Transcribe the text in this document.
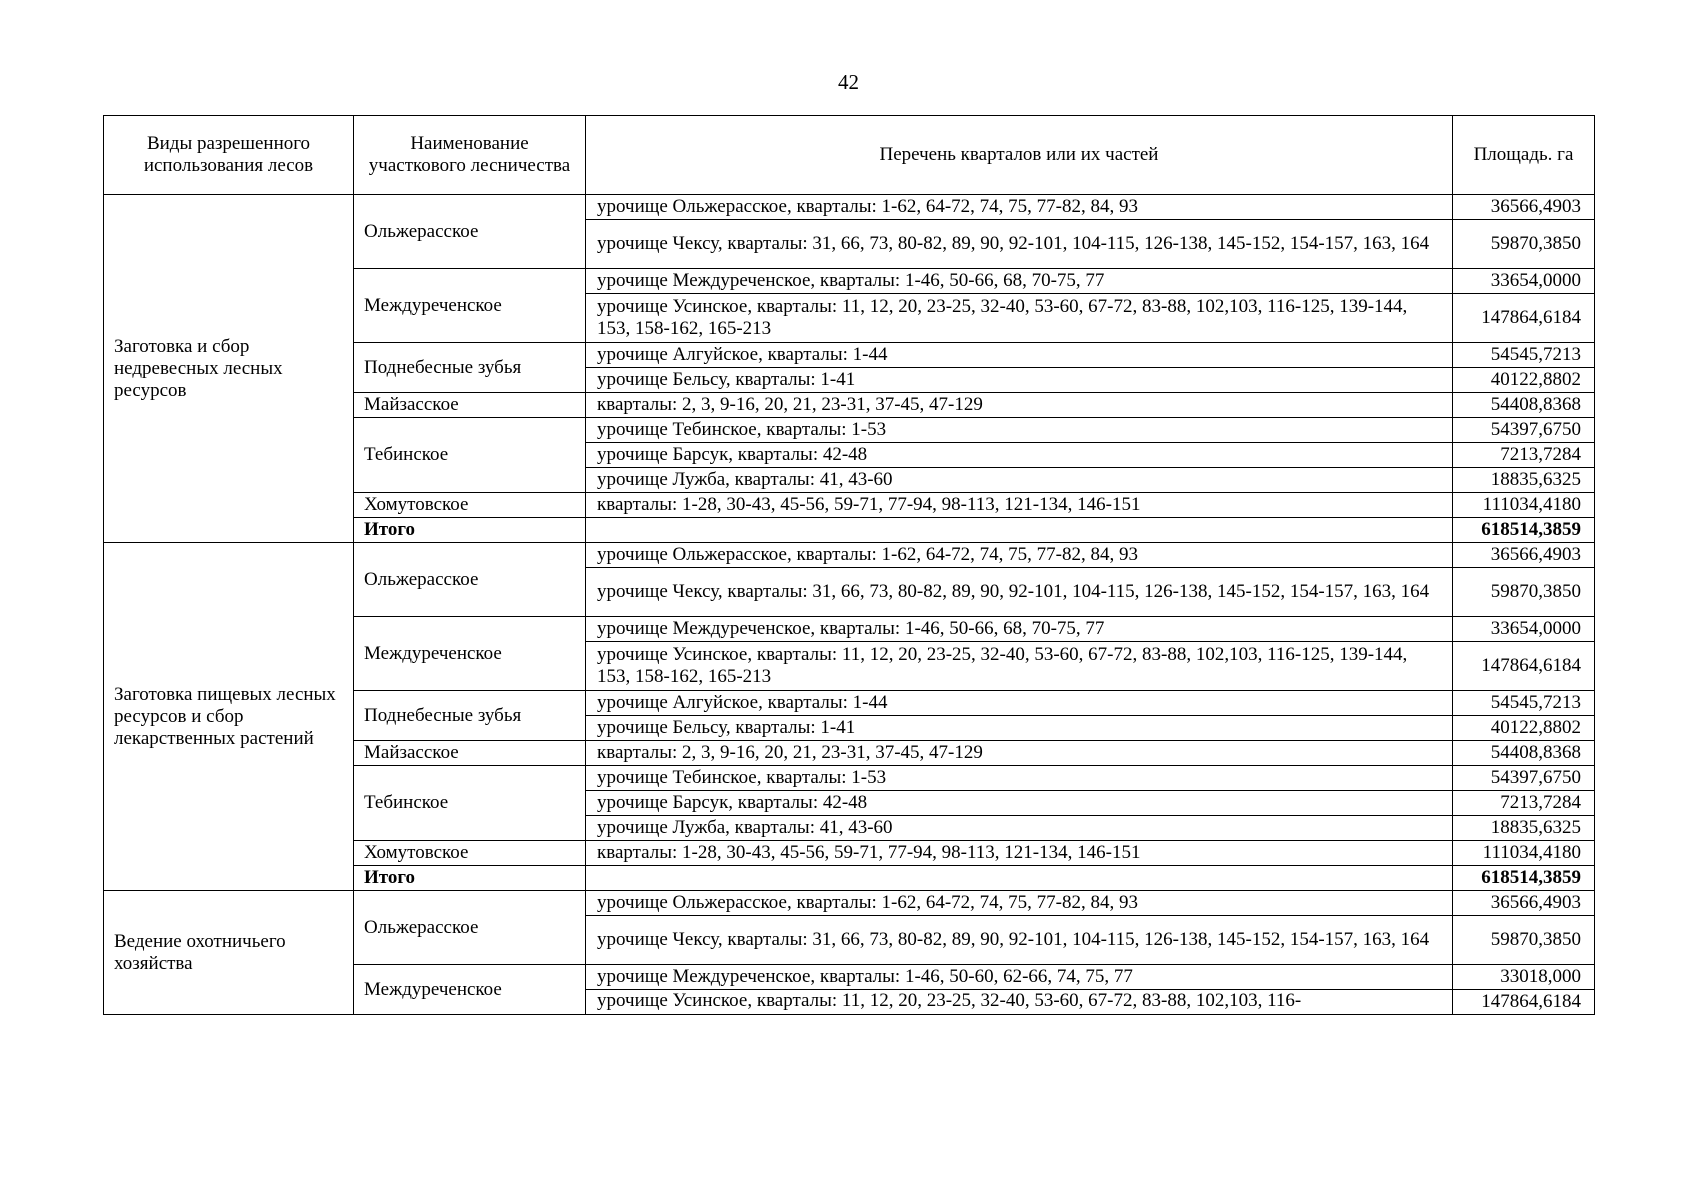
42
Виды разрешенного использования лесов	Наименование участкового лесничества	Перечень кварталов или их частей	Площадь. га
Заготовка и сбор недревесных лесных ресурсов	Ольжерасское	урочище Ольжерасское, кварталы: 1-62, 64-72, 74, 75, 77-82, 84, 93	36566,4903
		урочище Чексу, кварталы: 31, 66, 73, 80-82, 89, 90, 92-101, 104-115, 126-138, 145-152, 154-157, 163, 164	59870,3850
	Междуреченское	урочище Междуреченское, кварталы: 1-46, 50-66, 68, 70-75, 77	33654,0000
		урочище Усинское, кварталы: 11, 12, 20, 23-25, 32-40, 53-60, 67-72, 83-88, 102,103, 116-125, 139-144, 153, 158-162, 165-213	147864,6184
	Поднебесные зубья	урочище Алгуйское, кварталы: 1-44	54545,7213
		урочище Бельсу, кварталы: 1-41	40122,8802
	Майзасское	кварталы: 2, 3, 9-16, 20, 21, 23-31, 37-45, 47-129	54408,8368
	Тебинское	урочище Тебинское, кварталы: 1-53	54397,6750
		урочище Барсук, кварталы: 42-48	7213,7284
		урочище Лужба, кварталы: 41, 43-60	18835,6325
	Хомутовское	кварталы: 1-28, 30-43, 45-56, 59-71, 77-94, 98-113, 121-134, 146-151	111034,4180
	Итого		618514,3859
Заготовка пищевых лесных ресурсов и сбор лекарственных растений	Ольжерасское	урочище Ольжерасское, кварталы: 1-62, 64-72, 74, 75, 77-82, 84, 93	36566,4903
		урочище Чексу, кварталы: 31, 66, 73, 80-82, 89, 90, 92-101, 104-115, 126-138, 145-152, 154-157, 163, 164	59870,3850
	Междуреченское	урочище Междуреченское, кварталы: 1-46, 50-66, 68, 70-75, 77	33654,0000
		урочище Усинское, кварталы: 11, 12, 20, 23-25, 32-40, 53-60, 67-72, 83-88, 102,103, 116-125, 139-144, 153, 158-162, 165-213	147864,6184
	Поднебесные зубья	урочище Алгуйское, кварталы: 1-44	54545,7213
		урочище Бельсу, кварталы: 1-41	40122,8802
	Майзасское	кварталы: 2, 3, 9-16, 20, 21, 23-31, 37-45, 47-129	54408,8368
	Тебинское	урочище Тебинское, кварталы: 1-53	54397,6750
		урочище Барсук, кварталы: 42-48	7213,7284
		урочище Лужба, кварталы: 41, 43-60	18835,6325
	Хомутовское	кварталы: 1-28, 30-43, 45-56, 59-71, 77-94, 98-113, 121-134, 146-151	111034,4180
	Итого		618514,3859
Ведение охотничьего хозяйства	Ольжерасское	урочище Ольжерасское, кварталы: 1-62, 64-72, 74, 75, 77-82, 84, 93	36566,4903
		урочище Чексу, кварталы: 31, 66, 73, 80-82, 89, 90, 92-101, 104-115, 126-138, 145-152, 154-157, 163, 164	59870,3850
	Междуреченское	урочище Междуреченское, кварталы: 1-46, 50-60, 62-66, 74, 75, 77	33018,000
		урочище Усинское, кварталы: 11, 12, 20, 23-25, 32-40, 53-60, 67-72, 83-88, 102,103, 116-	147864,6184
